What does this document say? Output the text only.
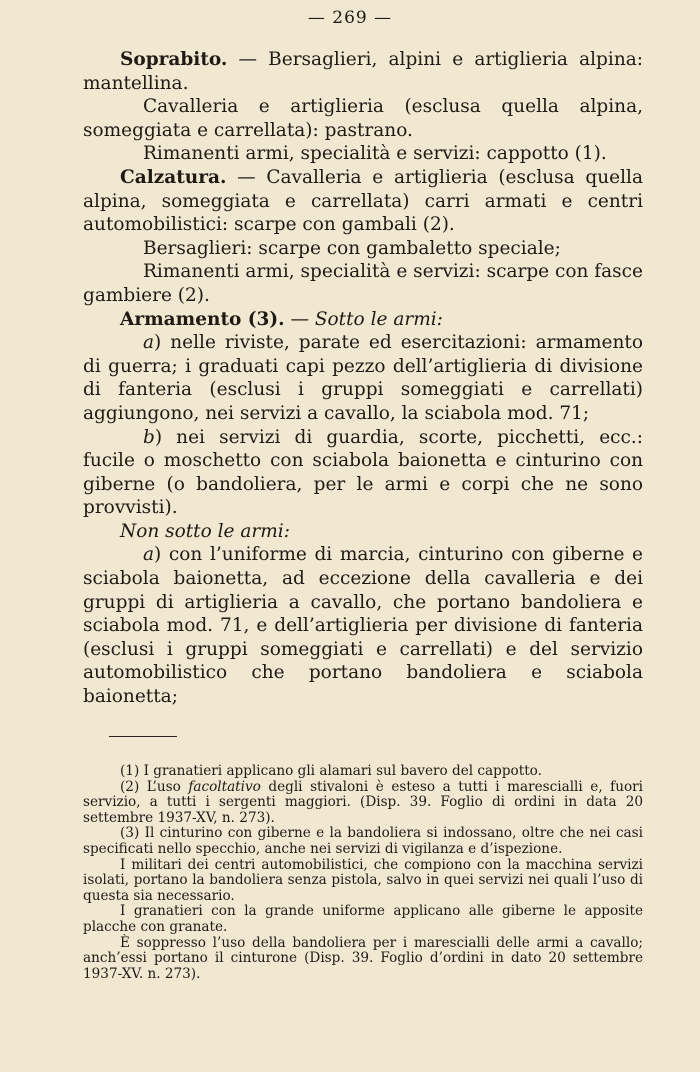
— 269 —

Soprabito. — Bersaglieri, alpini e artiglieria alpina: mantellina.

Cavalleria e artiglieria (esclusa quella alpina, someggiata e carrellata): pastrano.

Rimanenti armi, specialità e servizi: cappotto (1).

Calzatura. — Cavalleria e artiglieria (esclusa quella alpina, someggiata e carrellata) carri armati e centri automobilistici: scarpe con gambali (2).

Bersaglieri: scarpe con gambaletto speciale;

Rimanenti armi, specialità e servizi: scarpe con fasce gambiere (2).

Armamento (3). — Sotto le armi:

a) nelle riviste, parate ed esercitazioni: armamento di guerra; i graduati capi pezzo dell’artiglieria di divisione di fanteria (esclusi i gruppi someggiati e carrellati) aggiungono, nei servizi a cavallo, la sciabola mod. 71;

b) nei servizi di guardia, scorte, picchetti, ecc.: fucile o moschetto con sciabola baionetta e cinturino con giberne (o bandoliera, per le armi e corpi che ne sono provvisti).

Non sotto le armi:

a) con l’uniforme di marcia, cinturino con giberne e sciabola baionetta, ad eccezione della cavalleria e dei gruppi di artiglieria a cavallo, che portano bandoliera e sciabola mod. 71, e dell’artiglieria per divisione di fanteria (esclusi i gruppi someggiati e carrellati) e del servizio automobilistico che portano bandoliera e sciabola baionetta;

(1) I granatieri applicano gli alamari sul bavero del cappotto.

(2) L’uso facoltativo degli stivaloni è esteso a tutti i marescialli e, fuori servizio, a tutti i sergenti maggiori. (Disp. 39. Foglio di ordini in data 20 settembre 1937-XV, n. 273).

(3) Il cinturino con giberne e la bandoliera si indossano, oltre che nei casi specificati nello specchio, anche nei servizi di vigilanza e d’ispezione.

I militari dei centri automobilistici, che compiono con la macchina servizi isolati, portano la bandoliera senza pistola, salvo in quei servizi nei quali l’uso di questa sia necessario.

I granatieri con la grande uniforme applicano alle giberne le apposite placche con granate.

È soppresso l’uso della bandoliera per i marescialli delle armi a cavallo; anch’essi portano il cinturone (Disp. 39. Foglio d’ordini in dato 20 settembre 1937-XV. n. 273).
